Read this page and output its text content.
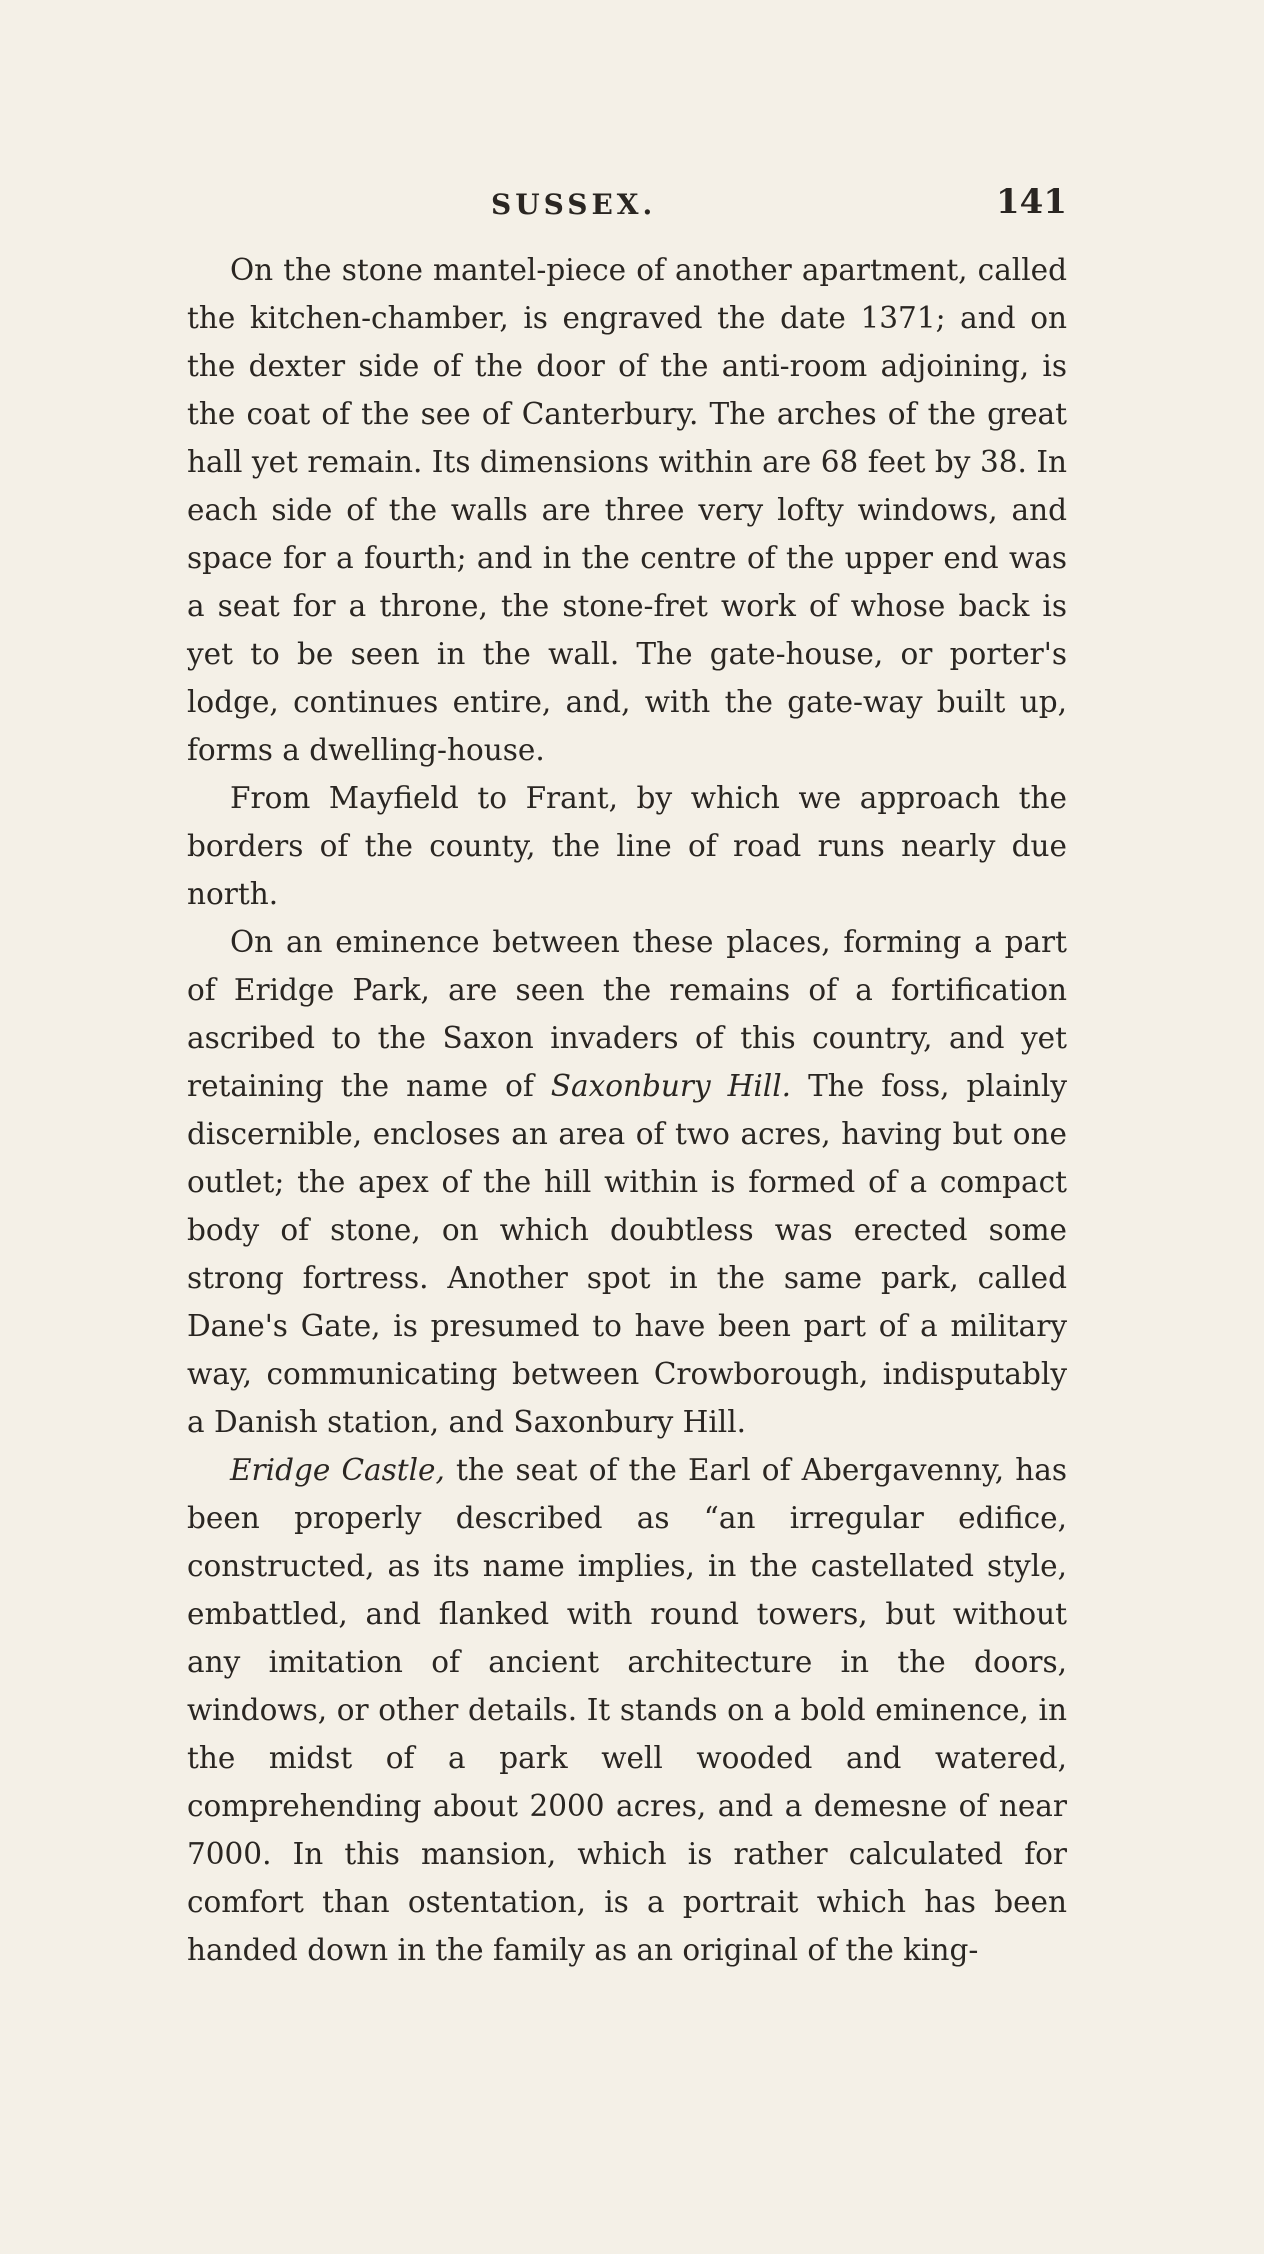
SUSSEX.	141

On the stone mantel-piece of another apartment, called the kitchen-chamber, is engraved the date 1371; and on the dexter side of the door of the anti-room adjoining, is the coat of the see of Canterbury. The arches of the great hall yet remain. Its dimensions within are 68 feet by 38. In each side of the walls are three very lofty windows, and space for a fourth; and in the centre of the upper end was a seat for a throne, the stone-fret work of whose back is yet to be seen in the wall. The gate-house, or porter's lodge, continues entire, and, with the gate-way built up, forms a dwelling-house.

From Mayfield to Frant, by which we approach the borders of the county, the line of road runs nearly due north.

On an eminence between these places, forming a part of Eridge Park, are seen the remains of a fortification ascribed to the Saxon invaders of this country, and yet retaining the name of Saxonbury Hill. The foss, plainly discernible, encloses an area of two acres, having but one outlet; the apex of the hill within is formed of a compact body of stone, on which doubtless was erected some strong fortress. Another spot in the same park, called Dane's Gate, is presumed to have been part of a military way, communicating between Crowborough, indisputably a Danish station, and Saxonbury Hill.

Eridge Castle, the seat of the Earl of Abergavenny, has been properly described as “an irregular edifice, constructed, as its name implies, in the castellated style, embattled, and flanked with round towers, but without any imitation of ancient architecture in the doors, windows, or other details. It stands on a bold eminence, in the midst of a park well wooded and watered, comprehending about 2000 acres, and a demesne of near 7000. In this mansion, which is rather calculated for comfort than ostentation, is a portrait which has been handed down in the family as an original of the king-
